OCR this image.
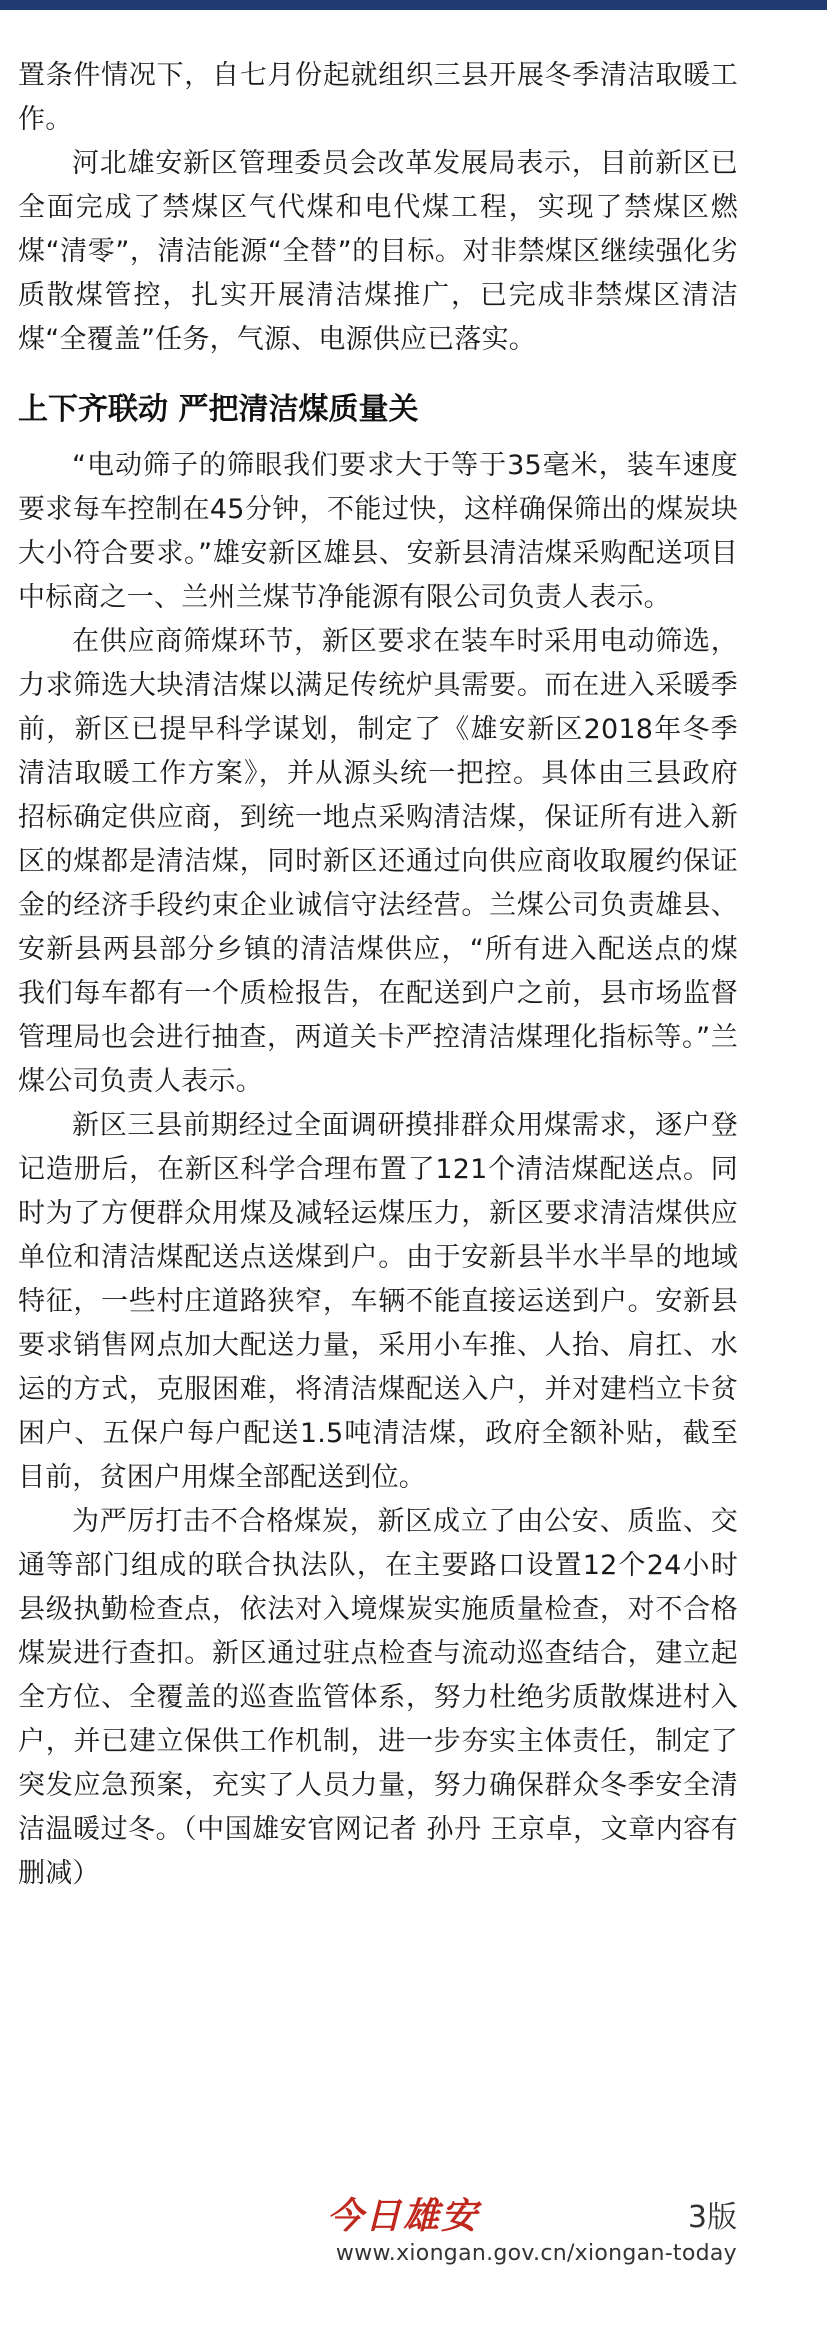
置条件情况下，自七月份起就组织三县开展冬季清洁取暖工作。

河北雄安新区管理委员会改革发展局表示，目前新区已全面完成了禁煤区气代煤和电代煤工程，实现了禁煤区燃煤“清零”，清洁能源“全替”的目标。对非禁煤区继续强化劣质散煤管控，扎实开展清洁煤推广，已完成非禁煤区清洁煤“全覆盖”任务，气源、电源供应已落实。

上下齐联动 严把清洁煤质量关

“电动筛子的筛眼我们要求大于等于35毫米，装车速度要求每车控制在45分钟，不能过快，这样确保筛出的煤炭块大小符合要求。”雄安新区雄县、安新县清洁煤采购配送项目中标商之一、兰州兰煤节净能源有限公司负责人表示。

在供应商筛煤环节，新区要求在装车时采用电动筛选，力求筛选大块清洁煤以满足传统炉具需要。而在进入采暖季前，新区已提早科学谋划，制定了《雄安新区2018年冬季清洁取暖工作方案》，并从源头统一把控。具体由三县政府招标确定供应商，到统一地点采购清洁煤，保证所有进入新区的煤都是清洁煤，同时新区还通过向供应商收取履约保证金的经济手段约束企业诚信守法经营。兰煤公司负责雄县、安新县两县部分乡镇的清洁煤供应，“所有进入配送点的煤我们每车都有一个质检报告，在配送到户之前，县市场监督管理局也会进行抽查，两道关卡严控清洁煤理化指标等。”兰煤公司负责人表示。

新区三县前期经过全面调研摸排群众用煤需求，逐户登记造册后，在新区科学合理布置了121个清洁煤配送点。同时为了方便群众用煤及减轻运煤压力，新区要求清洁煤供应单位和清洁煤配送点送煤到户。由于安新县半水半旱的地域特征，一些村庄道路狭窄，车辆不能直接运送到户。安新县要求销售网点加大配送力量，采用小车推、人抬、肩扛、水运的方式，克服困难，将清洁煤配送入户，并对建档立卡贫困户、五保户每户配送1.5吨清洁煤，政府全额补贴，截至目前，贫困户用煤全部配送到位。

为严厉打击不合格煤炭，新区成立了由公安、质监、交通等部门组成的联合执法队，在主要路口设置12个24小时县级执勤检查点，依法对入境煤炭实施质量检查，对不合格煤炭进行查扣。新区通过驻点检查与流动巡查结合，建立起全方位、全覆盖的巡查监管体系，努力杜绝劣质散煤进村入户，并已建立保供工作机制，进一步夯实主体责任，制定了突发应急预案，充实了人员力量，努力确保群众冬季安全清洁温暖过冬。（中国雄安官网记者 孙丹 王京卓，文章内容有删减）

今日雄安	3版
www.xiongan.gov.cn/xiongan-today
